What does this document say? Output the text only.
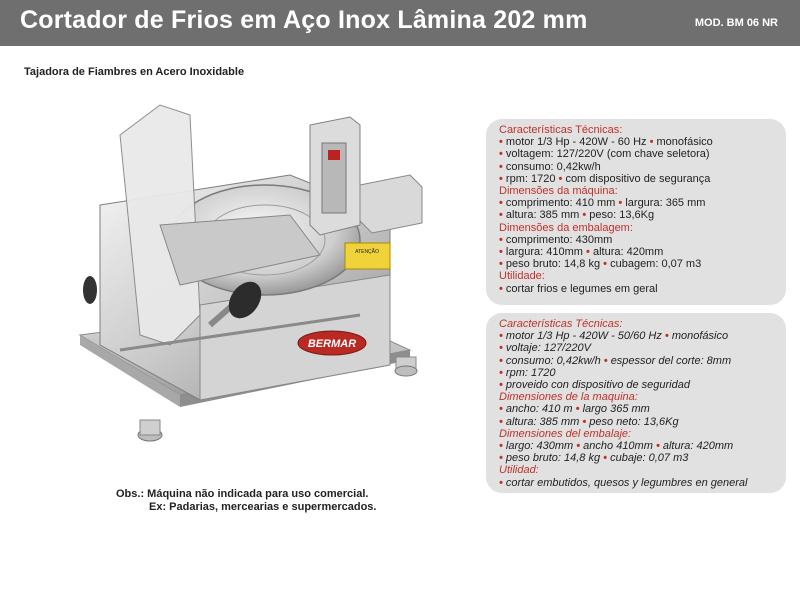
Cortador de Frios em Aço Inox Lâmina 202 mm	MOD. BM 06 NR
Tajadora de Fiambres en Acero Inoxidable
ATENÇÃO
BERMAR
Obs.: Máquina não indicada para uso comercial.
Ex: Padarias, mercearias e supermercados.
Características Técnicas:
• motor 1/3 Hp - 420W - 60 Hz • monofásico
• voltagem: 127/220V (com chave seletora)
• consumo: 0,42kw/h
• rpm: 1720 • com dispositivo de segurança
Dimensões da máquina:
• comprimento: 410 mm • largura: 365 mm
• altura: 385 mm • peso: 13,6Kg
Dimensões da embalagem:
• comprimento: 430mm
• largura: 410mm • altura: 420mm
• peso bruto: 14,8 kg • cubagem: 0,07 m3
Utilidade:
• cortar frios e legumes em geral
Características Técnicas:
• motor 1/3 Hp - 420W - 50/60 Hz • monofásico
• voltaje: 127/220V
• consumo: 0,42kw/h • espessor del corte: 8mm
• rpm: 1720
• proveido con dispositivo de seguridad
Dimensiones de la maquina:
• ancho: 410 m • largo 365 mm
• altura: 385 mm • peso neto: 13,6Kg
Dimensiones del embalaje:
• largo: 430mm • ancho 410mm • altura: 420mm
• peso bruto: 14,8 kg • cubaje: 0,07 m3
Utilidad:
• cortar embutidos, quesos y legumbres en general
